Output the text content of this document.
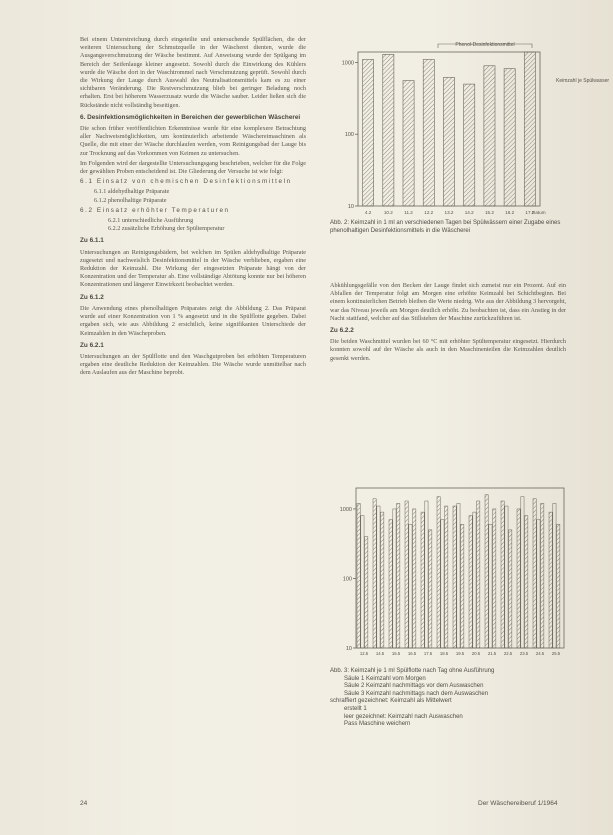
Bei einem Unterstreichung durch eingeteilte und untersuchende Spülflächen, die der weiteren Untersuchung der Schmutzquelle in der Wäscherei dienten, wurde die Ausgangsverschmutzung der Wäsche bestimmt. Auf Anweisung wurde der Spülgang im Bereich der Seifenlauge kleiner angesetzt. Sowohl durch die Einwirkung des Kühlers wurde die Wäsche dort in der Waschtrommel nach Verschmutzung geprüft. Sowohl durch die Wirkung der Lauge durch Auswahl des Neutralisationsmittels kam es zu einer sichtbaren Veränderung. Die Restverschmutzung blieb bei geringer Beladung noch erhalten. Erst bei höherem Wasserzusatz wurde die Wäsche sauber. Leider ließen sich die Rückstände nicht vollständig beseitigen.

6. Desinfektionsmöglichkeiten in Bereichen der gewerblichen Wäscherei

Die schon früher veröffentlichten Erkenntnisse wurde für eine komplexere Betrachtung aller Nachweismöglichkeiten, um kontinuierlich arbeitende Wäschereimaschinen als Quelle, die mit einer der Wäsche durchlaufen werden, vom Reinigungsbad der Lauge bis zur Trocknung auf das Vorkommen von Keimen zu untersuchen.

Im Folgenden wird der dargestellte Untersuchungsgang beschrieben, welcher für die Folge der gewählten Proben entscheidend ist. Die Gliederung der Versuche ist wie folgt:

6.1 Einsatz von chemischen Desinfektionsmitteln
6.1.1 aldehydhaltige Präparate
6.1.2 phenolhaltige Präparate
6.2 Einsatz erhöhter Temperaturen
6.2.1 unterschiedliche Ausführung
6.2.2 zusätzliche Erhöhung der Spültemperatur
Zu 6.1.1

Untersuchungen an Reinigungsbädern, bei welchen im Spülen aldehydhaltige Präparate zugesetzt und nachweislich Desinfektionsmittel in der Wäsche verblieben, ergaben eine Reduktion der Keimzahl. Die Wirkung der eingesetzten Präparate hängt von der Konzentration und der Temperatur ab. Eine vollständige Abtötung konnte nur bei höheren Konzentrationen und längerer Einwirkzeit beobachtet werden.

Zu 6.1.2

Die Anwendung eines phenolhaltigen Präparates zeigt die Abbildung 2. Das Präparat wurde auf einer Konzentration von 1 % angesetzt und in die Spülflotte gegeben. Dabei ergaben sich, wie aus Abbildung 2 ersichtlich, keine signifikanten Unterschiede der Keimzahlen in den Wäscheproben.

Zu 6.2.1

Untersuchungen an der Spülflotte und den Waschgutproben bei erhöhten Temperaturen ergaben eine deutliche Reduktion der Keimzahlen. Die Wäsche wurde unmittelbar nach dem Auslaufen aus der Maschine beprobt.

1000
100
10
4.2	10.2 11.2 12.2 13.2 14.2 15.2 16.2 17.2
Datum
Phenol-Desinfektionsmittel
Keimzahl je Spülwasser
Abb. 2: Keimzahl in 1 ml an verschiedenen Tagen bei Spülwässern einer Zugabe eines phenolhaltigen Desinfektionsmittels in die Wäscherei

Abkühlungsgefälle von den Becken der Lauge findet sich zumeist nur ein Prozent. Auf ein Abfallen der Temperatur folgt am Morgen eine erhöhte Keimzahl bei Schichtbeginn. Bei einem kontinuierlichen Betrieb bleiben die Werte niedrig. Wie aus der Abbildung 3 hervorgeht, war das Niveau jeweils am Morgen deutlich erhöht. Zu beobachten ist, dass ein Anstieg in der Nacht stattfand, welcher auf das Stillstehen der Maschine zurückzuführen ist.

Zu 6.2.2

Die beiden Waschmittel wurden bei 60 °C mit erhöhter Spültemperatur eingesetzt. Hierdurch konnten sowohl auf der Wäsche als auch in den Maschinenteilen die Keimzahlen deutlich gesenkt werden.

1000
100
10
12.5 14.5 15.5 16.5 17.5 18.5 19.5 20.5 21.5 22.5 23.5 24.5 25.5
Abb. 3: Keimzahl je 1 ml Spülflotte nach Tag ohne Ausführung
Säule 1 Keimzahl vom Morgen
Säule 2 Keimzahl nachmittags vor dem Auswaschen
Säule 3 Keimzahl nachmittags nach dem Auswaschen
schraffiert gezeichnet: Keimzahl als Mittelwert
erstellt 1
leer gezeichnet: Keimzahl nach Auswaschen
Pass Maschine weichern
24	Der Wäschereiberuf 1/1964
